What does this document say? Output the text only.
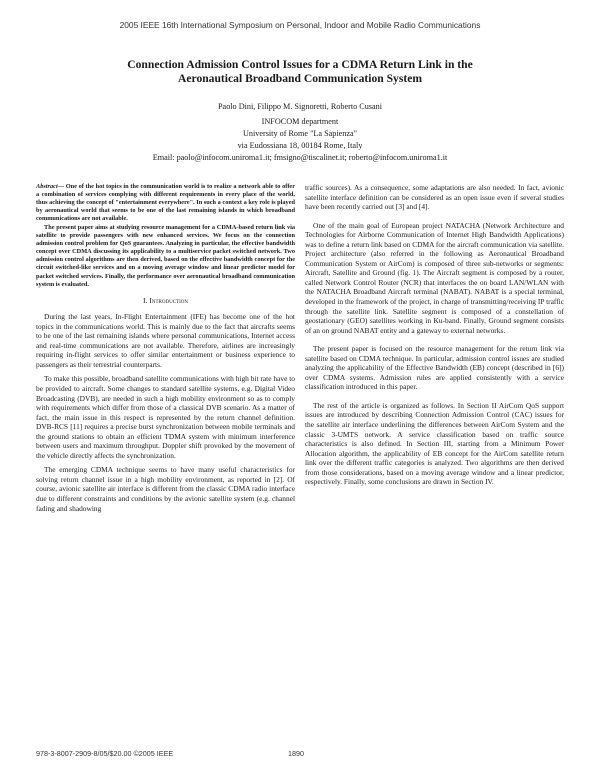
2005 IEEE 16th International Symposium on Personal, Indoor and Mobile Radio Communications
Connection Admission Control Issues for a CDMA Return Link in the
Aeronautical Broadband Communication System
Paolo Dini, Filippo M. Signoretti, Roberto Cusani
INFOCOM department
University of Rome "La Sapienza"
via Eudossiana 18, 00184 Rome, Italy
Email: paolo@infocom.uniroma1.it; fmsigno@tiscalinet.it; roberto@infocom.uniroma1.it

Abstract— One of the hot topics in the communication world is to realize a network able to offer a combination of services complying with different requirements in every place of the world, thus achieving the concept of "entertainment everywhere". In such a context a key role is played by aeronautical world that seems to be one of the last remaining islands in which broadband communications are not available.

The present paper aims at studying resource management for a CDMA-based return link via satellite to provide passengers with new enhanced services. We focus on the connection admission control problem for QoS guarantees. Analyzing in particular, the effective bandwidth concept over CDMA discussing its applicability to a multiservice packet switched network. Two admission control algorithms are then derived, based on the effective bandwidth concept for the circuit switched-like services and on a moving average window and linear predictor model for packet switched services. Finally, the performance over aeronautical broadband communication system is evaluated.

I. Introduction

During the last years, In-Flight Entertainment (IFE) has become one of the hot topics in the communications world. This is mainly due to the fact that aircrafts seems to be one of the last remaining islands where personal communications, Internet access and real-time communications are not available. Therefore, airlines are increasingly requiring in-flight services to offer similar entertainment or business experience to passengers as their terrestrial counterparts.

To make this possible, broadband satellite communications with high bit rate have to be provided to aircraft. Some changes to standard satellite systems, e.g. Digital Video Broadcasting (DVB), are needed in such a high mobility environment so as to comply with requirements which differ from those of a classical DVB scenario. As a matter of fact, the main issue in this respect is represented by the return channel definition. DVB-RCS [11] requires a precise burst synchronization between mobile terminals and the ground stations to obtain an efficient TDMA system with minimum interference between users and maximum throughput. Doppler shift provoked by the movement of the vehicle directly affects the synchronization.

The emerging CDMA technique seems to have many useful characteristics for solving return channel issue in a high mobility environment, as reported in [2]. Of course, avionic satellite air interface is different from the classic CDMA radio interface due to different constraints and conditions by the avionic satellite system (e.g. channel fading and shadowing

traffic sources). As a consequence, some adaptations are also needed. In fact, avionic satellite interface definition can be considered as an open issue even if several studies have been recently carried out [3] and [4].

One of the main goal of European project NATACHA (Network Architecture and Technologies for Airborne Communication of Internet High Bandwidth Applications) was to define a return link based on CDMA for the aircraft communication via satellite. Project architecture (also referred in the following as Aeronautical Broadband Communication System or AirCom) is composed of three sub-networks or segments: Aircraft, Satellite and Ground (fig. 1). The Aircraft segment is composed by a router, called Network Control Router (NCR) that interfaces the on board LAN/WLAN with the NATACHA Broadband Aircraft terminal (NABAT). NABAT is a special terminal, developed in the framework of the project, in charge of transmitting/receiving IP traffic through the satellite link. Satellite segment is composed of a constellation of geostationary (GEO) satellites working in Ku-band. Finally, Ground segment consists of an on ground NABAT entity and a gateway to external networks.

The present paper is focused on the resource management for the return link via satellite based on CDMA technique. In particular, admission control issues are studied analyzing the applicability of the Effective Bandwidth (EB) concept (described in [6]) over CDMA systems. Admission rules are applied consistently with a service classification introduced in this paper.

The rest of the article is organized as follows. In Section II AirCom QoS support issues are introduced by describing Connection Admission Control (CAC) issues for the satellite air interface underlining the differences between AirCom System and the classic 3-UMTS network. A service classification based on traffic source characteristics is also defined. In Section III, starting from a Minimum Power Allocation algorithm, the applicability of EB concept for the AirCom satellite return link over the different traffic categories is analyzed. Two algorithms are then derived from those considerations, based on a moving average window and a linear predictor, respectively. Finally, some conclusions are drawn in Section IV.

978-3-8007-2909-8/05/$20.00 ©2005 IEEE	1890
